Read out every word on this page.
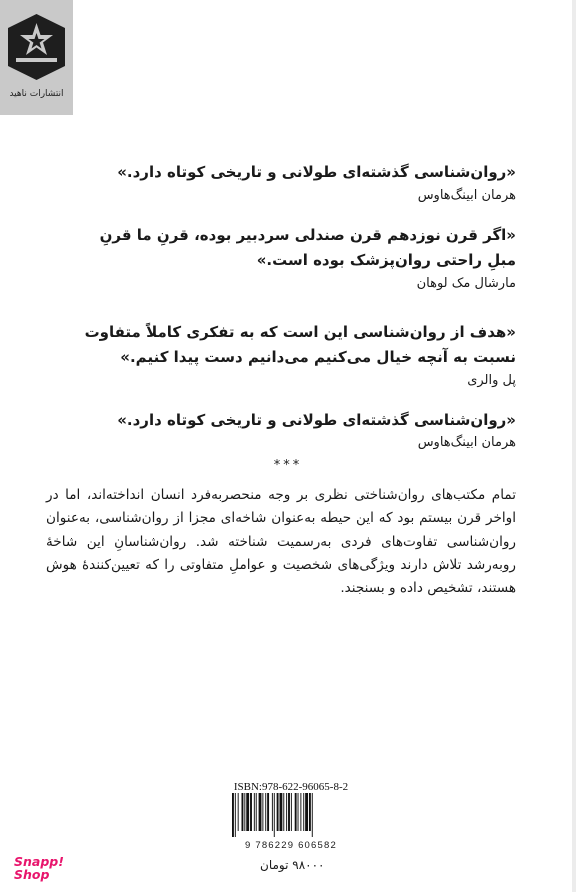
انتشارات ناهید
«روان‌شناسی گذشته‌ای طولانی و تاریخی کوتاه دارد.»
هرمان ابینگ‌هاوس
«اگر قرن نوزدهم قرن صندلی سردبیر بوده، قرنِ ما قرنِ مبلِ راحتی روان‌پزشک بوده است.»
مارشال مک لوهان
«هدف از روان‌شناسی این است که به تفکری کاملاً متفاوت نسبت به آنچه خیال می‌کنیم می‌دانیم دست پیدا کنیم.»
پل والری
«روان‌شناسی گذشته‌ای طولانی و تاریخی کوتاه دارد.»
هرمان ابینگ‌هاوس
***
تمام مکتب‌های روان‌شناختی نظری بر وجه منحصربه‌فرد انسان انداخته‌اند، اما در اواخر قرن بیستم بود که این حیطه به‌عنوان شاخه‌ای مجزا از روان‌شناسی، به‌عنوان روان‌شناسی تفاوت‌های فردی به‌رسمیت شناخته شد. روان‌شناسانِ این شاخهٔ روبه‌رشد تلاش دارند ویژگی‌های شخصیت و عواملِ متفاوتی را که تعیین‌کنندهٔ هوش هستند، تشخیص داده و بسنجند.
ISBN:978-622-96065-8-2
9 786229 606582
۹۸۰۰۰ تومان
Snapp!
Shop
